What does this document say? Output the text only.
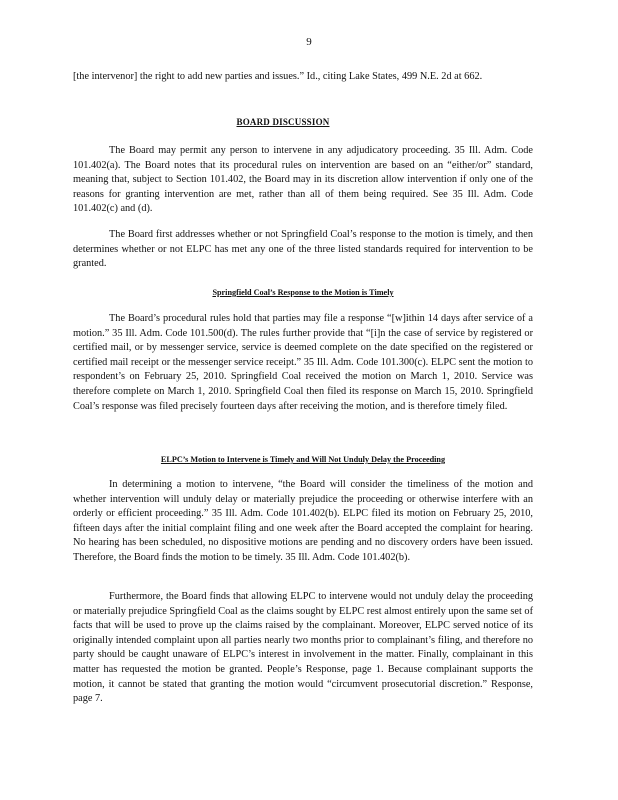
9

[the intervenor] the right to add new parties and issues.” Id., citing Lake States, 499 N.E. 2d at 662.

BOARD DISCUSSION

The Board may permit any person to intervene in any adjudicatory proceeding. 35 Ill. Adm. Code 101.402(a). The Board notes that its procedural rules on intervention are based on an “either/or” standard, meaning that, subject to Section 101.402, the Board may in its discretion allow intervention if only one of the reasons for granting intervention are met, rather than all of them being required. See 35 Ill. Adm. Code 101.402(c) and (d).

The Board first addresses whether or not Springfield Coal’s response to the motion is timely, and then determines whether or not ELPC has met any one of the three listed standards required for intervention to be granted.

Springfield Coal’s Response to the Motion is Timely

The Board’s procedural rules hold that parties may file a response “[w]ithin 14 days after service of a motion.” 35 Ill. Adm. Code 101.500(d). The rules further provide that “[i]n the case of service by registered or certified mail, or by messenger service, service is deemed complete on the date specified on the registered or certified mail receipt or the messenger service receipt.” 35 Ill. Adm. Code 101.300(c). ELPC sent the motion to respondent’s on February 25, 2010. Springfield Coal received the motion on March 1, 2010. Service was therefore complete on March 1, 2010. Springfield Coal then filed its response on March 15, 2010. Springfield Coal’s response was filed precisely fourteen days after receiving the motion, and is therefore timely filed.

ELPC’s Motion to Intervene is Timely and Will Not Unduly Delay the Proceeding

In determining a motion to intervene, “the Board will consider the timeliness of the motion and whether intervention will unduly delay or materially prejudice the proceeding or otherwise interfere with an orderly or efficient proceeding.” 35 Ill. Adm. Code 101.402(b). ELPC filed its motion on February 25, 2010, fifteen days after the initial complaint filing and one week after the Board accepted the complaint for hearing. No hearing has been scheduled, no dispositive motions are pending and no discovery orders have been issued. Therefore, the Board finds the motion to be timely. 35 Ill. Adm. Code 101.402(b).

Furthermore, the Board finds that allowing ELPC to intervene would not unduly delay the proceeding or materially prejudice Springfield Coal as the claims sought by ELPC rest almost entirely upon the same set of facts that will be used to prove up the claims raised by the complainant. Moreover, ELPC served notice of its originally intended complaint upon all parties nearly two months prior to complainant’s filing, and therefore no party should be caught unaware of ELPC’s interest in involvement in the matter. Finally, complainant in this matter has requested the motion be granted. People’s Response, page 1. Because complainant supports the motion, it cannot be stated that granting the motion would “circumvent prosecutorial discretion.” Response, page 7.
